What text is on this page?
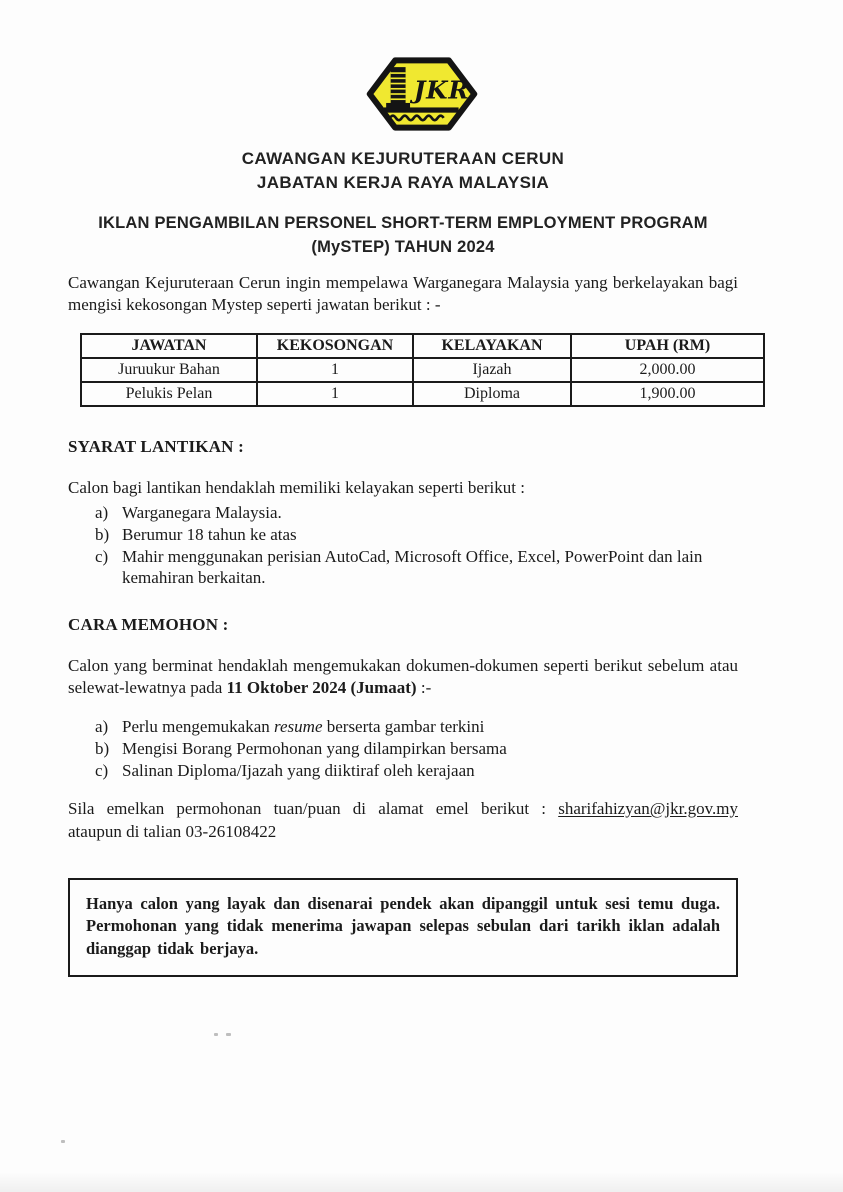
JKR
CAWANGAN KEJURUTERAAN CERUN
JABATAN KERJA RAYA MALAYSIA
IKLAN PENGAMBILAN PERSONEL SHORT-TERM EMPLOYMENT PROGRAM
(MySTEP) TAHUN 2024

Cawangan Kejuruteraan Cerun ingin mempelawa Warganegara Malaysia yang berkelayakan bagi mengisi kekosongan Mystep seperti jawatan berikut : -

JAWATAN	KEKOSONGAN	KELAYAKAN	UPAH (RM)
Juruukur Bahan	1	Ijazah	2,000.00
Pelukis Pelan	1	Diploma	1,900.00
SYARAT LANTIKAN :
Calon bagi lantikan hendaklah memiliki kelayakan seperti berikut :
a) Warganegara Malaysia.
b) Berumur 18 tahun ke atas
c) Mahir menggunakan perisian AutoCad, Microsoft Office, Excel, PowerPoint dan lain kemahiran berkaitan.
CARA MEMOHON :

Calon yang berminat hendaklah mengemukakan dokumen-dokumen seperti berikut sebelum atau selewat-lewatnya pada 11 Oktober 2024 (Jumaat) :-

a) Perlu mengemukakan resume berserta gambar terkini
b) Mengisi Borang Permohonan yang dilampirkan bersama
c) Salinan Diploma/Ijazah yang diiktiraf oleh kerajaan
Sila emelkan permohonan tuan/puan di alamat emel berikut : sharifahizyan@jkr.gov.my
ataupun di talian 03-26108422
Hanya calon yang layak dan disenarai pendek akan dipanggil untuk sesi temu duga. Permohonan yang tidak menerima jawapan selepas sebulan dari tarikh iklan adalah dianggap tidak berjaya.
